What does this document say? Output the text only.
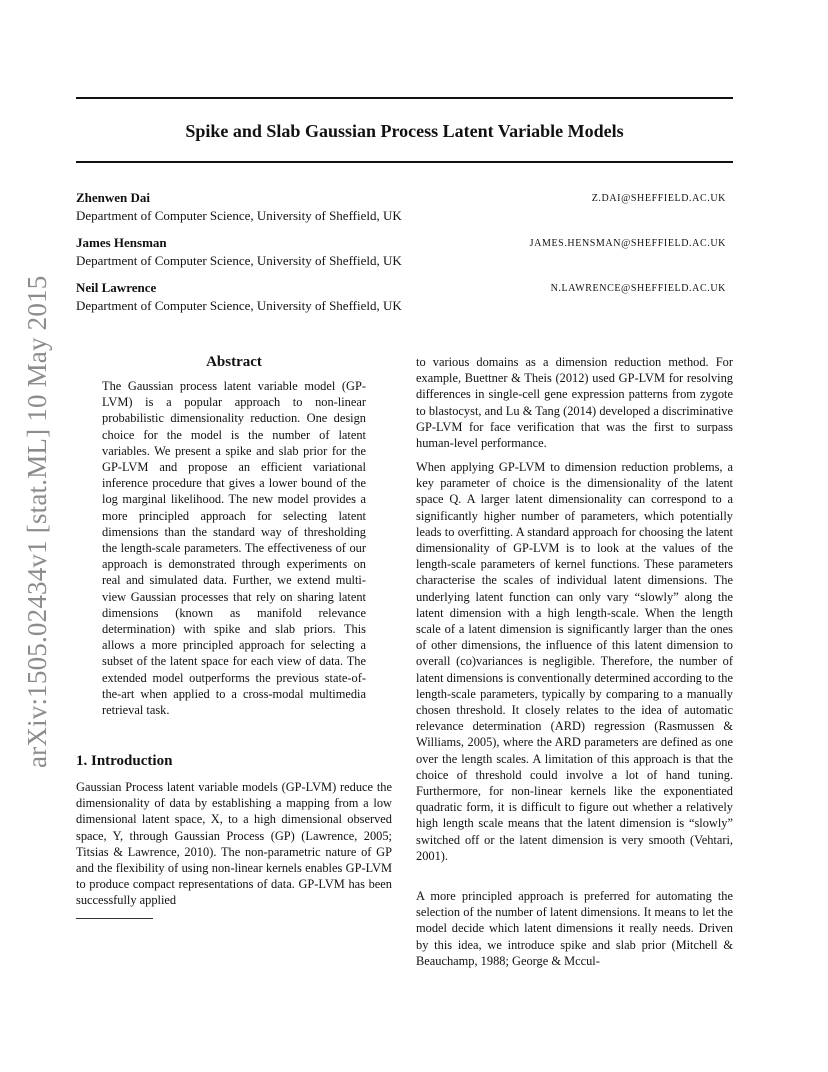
arXiv:1505.02434v1 [stat.ML] 10 May 2015
Spike and Slab Gaussian Process Latent Variable Models
Zhenwen Dai	Z.DAI@SHEFFIELD.AC.UK
Department of Computer Science, University of Sheffield, UK
James Hensman	JAMES.HENSMAN@SHEFFIELD.AC.UK
Department of Computer Science, University of Sheffield, UK
Neil Lawrence	N.LAWRENCE@SHEFFIELD.AC.UK
Department of Computer Science, University of Sheffield, UK
Abstract

The Gaussian process latent variable model (GP-LVM) is a popular approach to non-linear probabilistic dimensionality reduction. One design choice for the model is the number of latent variables. We present a spike and slab prior for the GP-LVM and propose an efficient variational inference procedure that gives a lower bound of the log marginal likelihood. The new model provides a more principled approach for selecting latent dimensions than the standard way of thresholding the length-scale parameters. The effectiveness of our approach is demonstrated through experiments on real and simulated data. Further, we extend multi-view Gaussian processes that rely on sharing latent dimensions (known as manifold relevance determination) with spike and slab priors. This allows a more principled approach for selecting a subset of the latent space for each view of data. The extended model outperforms the previous state-of-the-art when applied to a cross-modal multimedia retrieval task.

1. Introduction

Gaussian Process latent variable models (GP-LVM) reduce the dimensionality of data by establishing a mapping from a low dimensional latent space, X, to a high dimensional observed space, Y, through Gaussian Process (GP) (Lawrence, 2005; Titsias & Lawrence, 2010). The non-parametric nature of GP and the flexibility of using non-linear kernels enables GP-LVM to produce compact representations of data. GP-LVM has been successfully applied

to various domains as a dimension reduction method. For example, Buettner & Theis (2012) used GP-LVM for resolving differences in single-cell gene expression patterns from zygote to blastocyst, and Lu & Tang (2014) developed a discriminative GP-LVM for face verification that was the first to surpass human-level performance.

When applying GP-LVM to dimension reduction problems, a key parameter of choice is the dimensionality of the latent space Q. A larger latent dimensionality can correspond to a significantly higher number of parameters, which potentially leads to overfitting. A standard approach for choosing the latent dimensionality of GP-LVM is to look at the values of the length-scale parameters of kernel functions. These parameters characterise the scales of individual latent dimensions. The underlying latent function can only vary “slowly” along the latent dimension with a high length-scale. When the length scale of a latent dimension is significantly larger than the ones of other dimensions, the influence of this latent dimension to overall (co)variances is negligible. Therefore, the number of latent dimensions is conventionally determined according to the length-scale parameters, typically by comparing to a manually chosen threshold. It closely relates to the idea of automatic relevance determination (ARD) regression (Rasmussen & Williams, 2005), where the ARD parameters are defined as one over the length scales. A limitation of this approach is that the choice of threshold could involve a lot of hand tuning. Furthermore, for non-linear kernels like the exponentiated quadratic form, it is difficult to figure out whether a relatively high length scale means that the latent dimension is “slowly” switched off or the latent dimension is very smooth (Vehtari, 2001).

A more principled approach is preferred for automating the selection of the number of latent dimensions. It means to let the model decide which latent dimensions it really needs. Driven by this idea, we introduce spike and slab prior (Mitchell & Beauchamp, 1988; George & Mccul-
